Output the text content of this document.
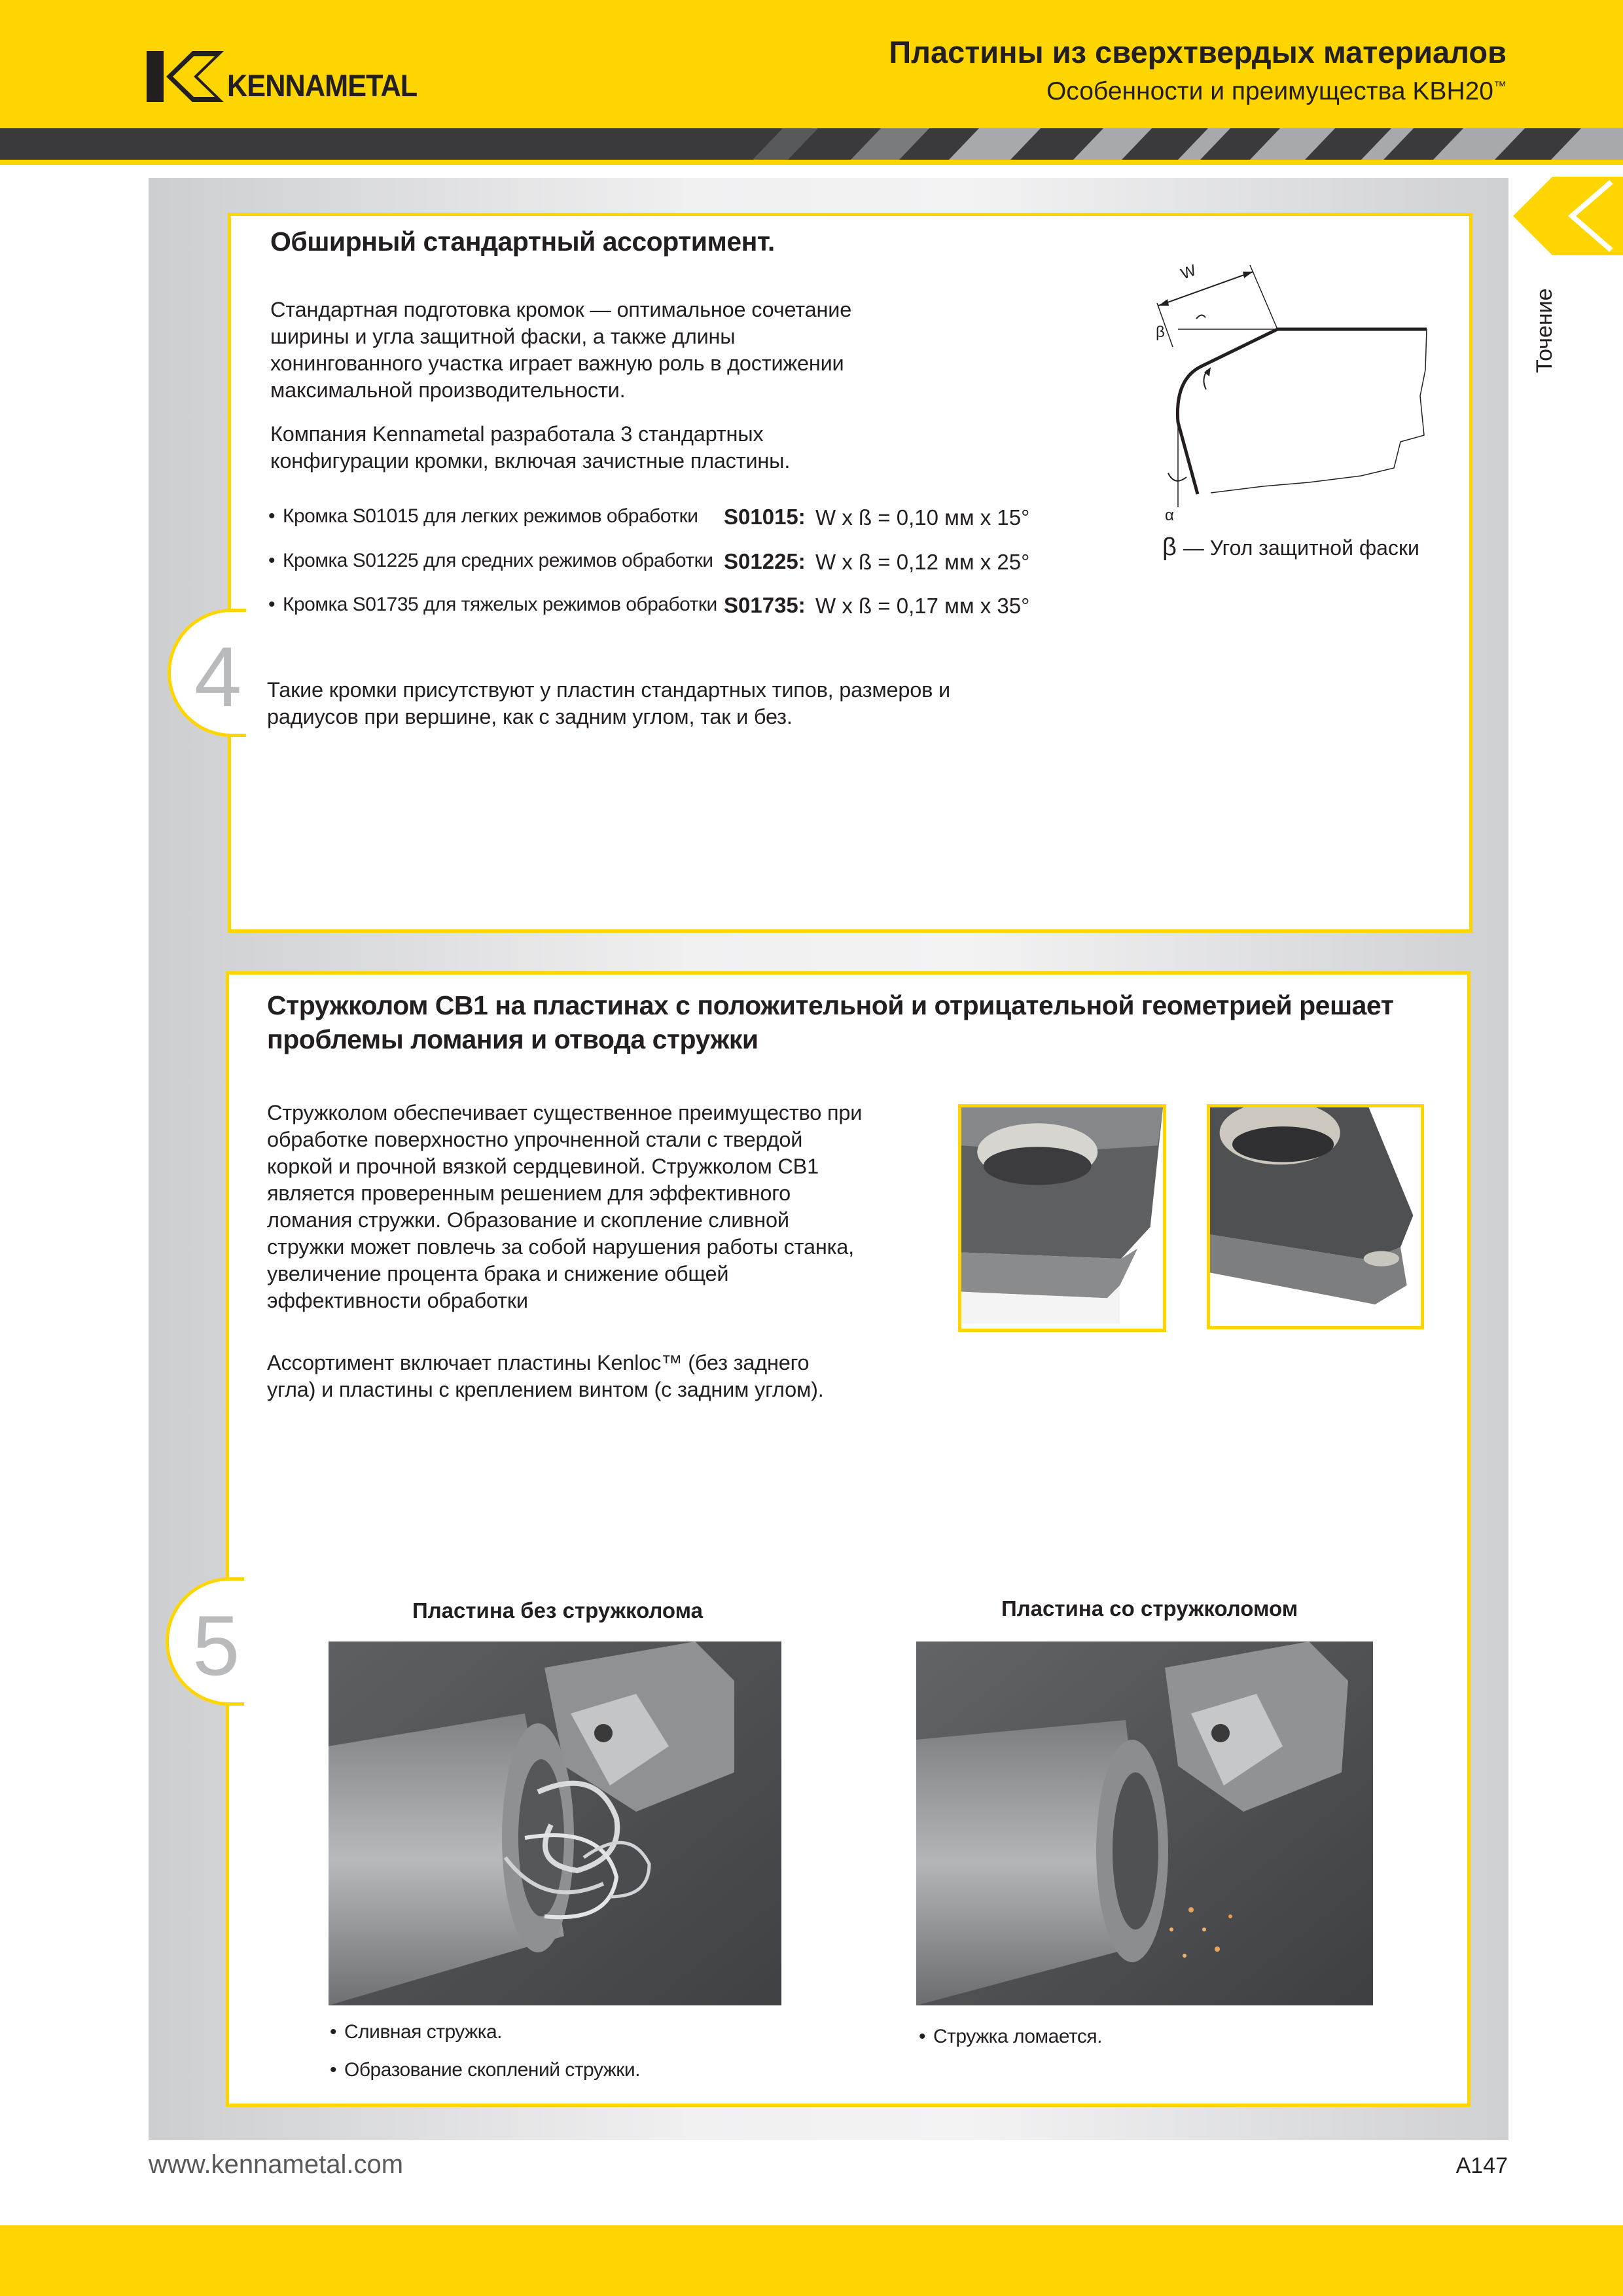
KENNAMETAL
Пластины из сверхтвердых материалов
Особенности и преимущества KBH20™
Точение
4
Обширный стандартный ассортимент.
Стандартная подготовка кромок — оптимальное сочетание ширины и угла защитной фаски, а также длины хонингованного участка играет важную роль в достижении максимальной производительности.
Компания Kennametal разработала 3 стандартных конфигурации кромки, включая зачистные пластины.
• Кромка S01015 для легких режимов обработки S01015: W x ß = 0,10 мм x 15°
• Кромка S01225 для средних режимов обработки S01225: W x ß = 0,12 мм x 25°
• Кромка S01735 для тяжелых режимов обработки S01735: W x ß = 0,17 мм x 35°
Такие кромки присутствуют у пластин стандартных типов, размеров и радиусов при вершине, как с задним углом, так и без.
W
β
α
β — Угол защитной фаски
5
Стружколом CB1 на пластинах с положительной и отрицательной геометрией решает
проблемы ломания и отвода стружки
Стружколом обеспечивает существенное преимущество при обработке поверхностно упрочненной стали с твердой коркой и прочной вязкой сердцевиной. Стружколом CB1 является проверенным решением для эффективного ломания стружки. Образование и скопление сливной стружки может повлечь за собой нарушения работы станка, увеличение процента брака и снижение общей эффективности обработки
Ассортимент включает пластины Kenloc™ (без заднего угла) и пластины с креплением винтом (с задним углом).
Пластина без стружколома	Пластина со стружколомом
• Сливная стружка.
• Образование скоплений стружки.
• Стружка ломается.
www.kennametal.com	A147
